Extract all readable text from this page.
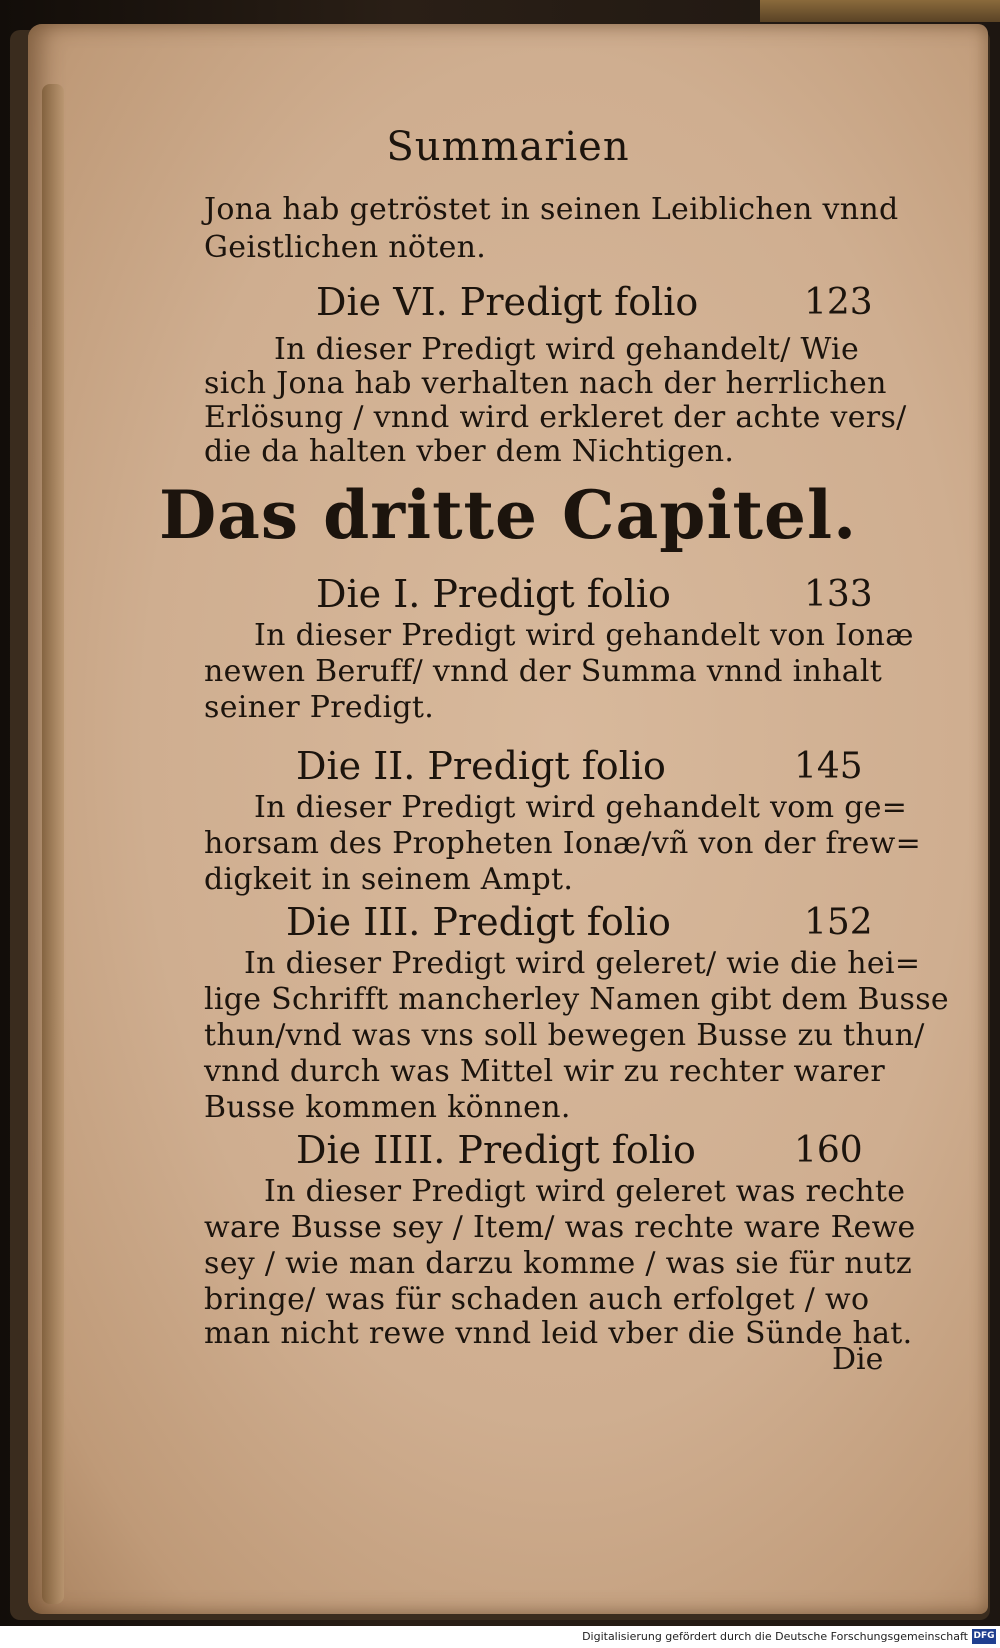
Summarien
Jona hab getröstet in seinen Leiblichen vnnd
Geistlichen nöten.
Die VI. Predigt folio	123
In dieser Predigt wird gehandelt/ Wie
sich Jona hab verhalten nach der herrlichen
Erlösung / vnnd wird erkleret der achte vers/
die da halten vber dem Nichtigen.
Das dritte Capitel.
Die I. Predigt folio	133
In dieser Predigt wird gehandelt von Ionæ
newen Beruff/ vnnd der Summa vnnd inhalt
seiner Predigt.
Die II. Predigt folio	145
In dieser Predigt wird gehandelt vom ge=
horsam des Propheten Ionæ/vñ von der frew=
digkeit in seinem Ampt.
Die III. Predigt folio	152
In dieser Predigt wird geleret/ wie die hei=
lige Schrifft mancherley Namen gibt dem Busse
thun/vnd was vns soll bewegen Busse zu thun/
vnnd durch was Mittel wir zu rechter warer
Busse kommen können.
Die IIII. Predigt folio	160
In dieser Predigt wird geleret was rechte
ware Busse sey / Item/ was rechte ware Rewe
sey / wie man darzu komme / was sie für nutz
bringe/ was für schaden auch erfolget / wo
man nicht rewe vnnd leid vber die Sünde hat.
Die
Digitalisierung gefördert durch die Deutsche Forschungsgemeinschaft DFG
